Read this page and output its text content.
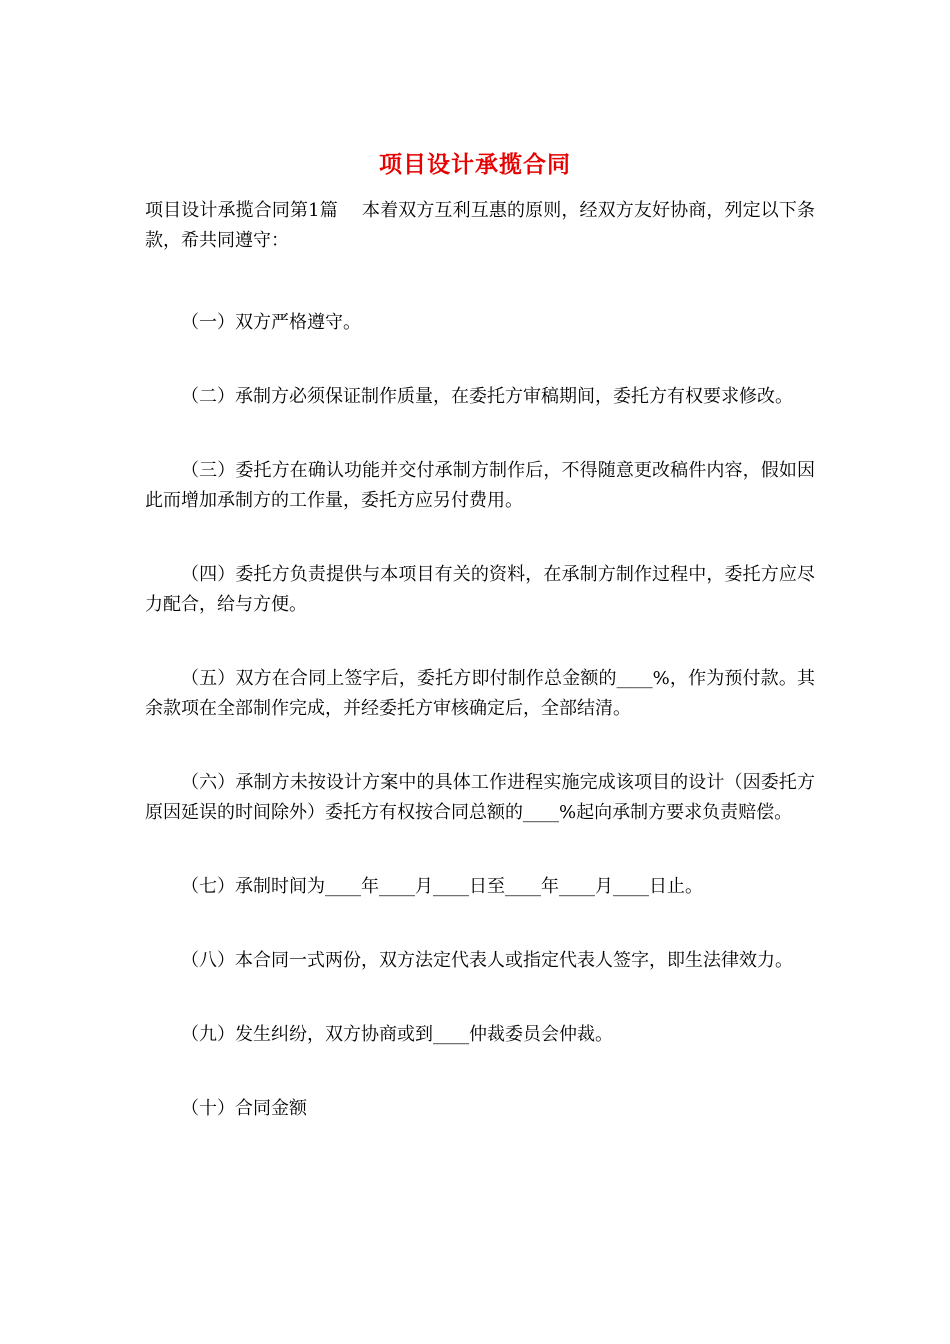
项目设计承揽合同

项目设计承揽合同第1篇 本着双方互利互惠的原则，经双方友好协商，列定以下条款，希共同遵守：

（一）双方严格遵守。

（二）承制方必须保证制作质量，在委托方审稿期间，委托方有权要求修改。

（三）委托方在确认功能并交付承制方制作后，不得随意更改稿件内容，假如因此而增加承制方的工作量，委托方应另付费用。

（四）委托方负责提供与本项目有关的资料，在承制方制作过程中，委托方应尽力配合，给与方便。

（五）双方在合同上签字后，委托方即付制作总金额的____%，作为预付款。其余款项在全部制作完成，并经委托方审核确定后，全部结清。

（六）承制方未按设计方案中的具体工作进程实施完成该项目的设计（因委托方原因延误的时间除外）委托方有权按合同总额的____%起向承制方要求负责赔偿。

（七）承制时间为____年____月____日至____年____月____日止。

（八）本合同一式两份，双方法定代表人或指定代表人签字，即生法律效力。

（九）发生纠纷，双方协商或到____仲裁委员会仲裁。

（十）合同金额
